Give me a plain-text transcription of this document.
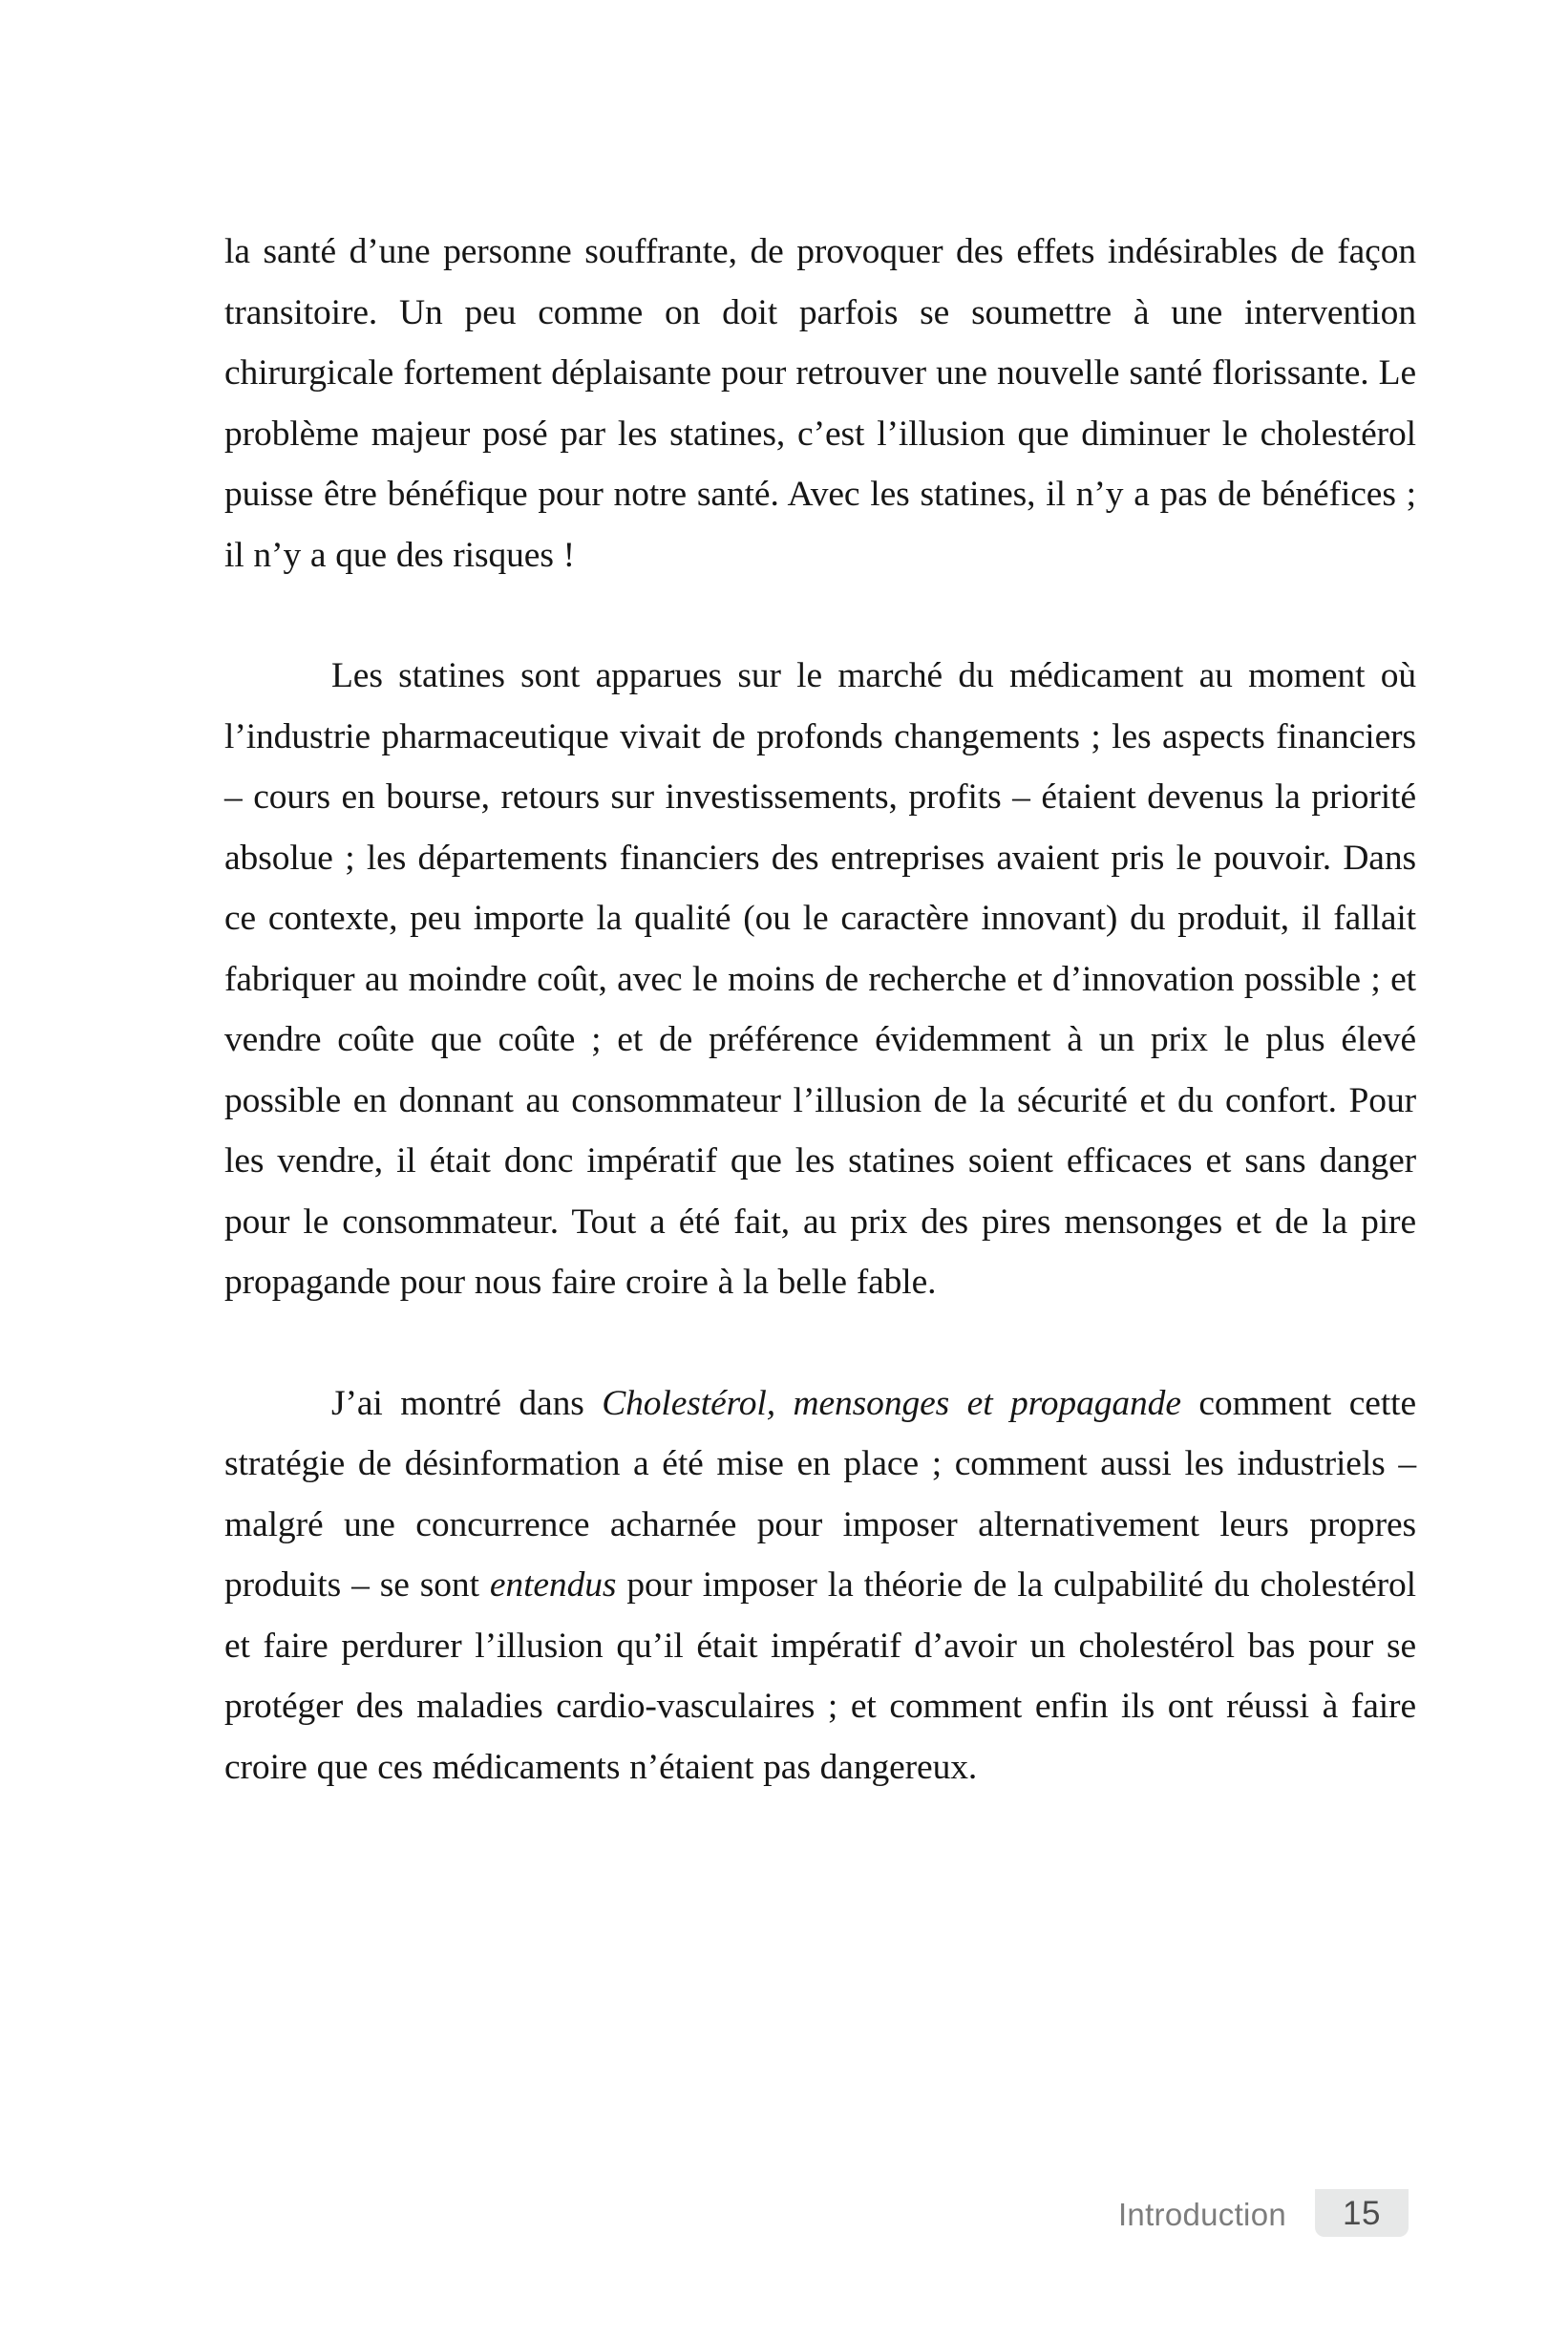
la santé d’une personne souffrante, de provoquer des effets indésirables de façon transitoire. Un peu comme on doit parfois se soumettre à une intervention chirurgicale fortement déplaisante pour retrouver une nouvelle santé florissante. Le problème majeur posé par les statines, c’est l’illusion que diminuer le cholestérol puisse être bénéfique pour notre santé. Avec les statines, il n’y a pas de bénéfices ; il n’y a que des risques !

Les statines sont apparues sur le marché du médicament au moment où l’industrie pharmaceutique vivait de profonds changements ; les aspects financiers – cours en bourse, retours sur investissements, profits – étaient devenus la priorité absolue ; les départements financiers des entreprises avaient pris le pouvoir. Dans ce contexte, peu importe la qualité (ou le caractère innovant) du produit, il fallait fabriquer au moindre coût, avec le moins de recherche et d’innovation possible ; et vendre coûte que coûte ; et de préférence évidemment à un prix le plus élevé possible en donnant au consommateur l’illusion de la sécurité et du confort. Pour les vendre, il était donc impératif que les statines soient efficaces et sans danger pour le consommateur. Tout a été fait, au prix des pires mensonges et de la pire propagande pour nous faire croire à la belle fable.

J’ai montré dans Cholestérol, mensonges et propagande comment cette stratégie de désinformation a été mise en place ; comment aussi les industriels – malgré une concurrence acharnée pour imposer alternativement leurs propres produits – se sont entendus pour imposer la théorie de la culpabilité du cholestérol et faire perdurer l’illusion qu’il était impératif d’avoir un cholestérol bas pour se protéger des maladies cardio-vasculaires ; et comment enfin ils ont réussi à faire croire que ces médicaments n’étaient pas dangereux.

Introduction 15
